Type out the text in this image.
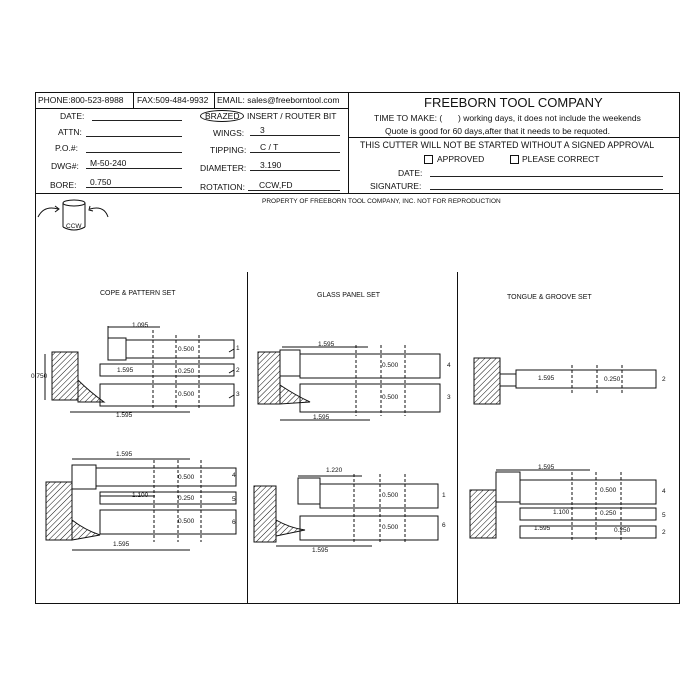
PHONE:800-523-8988 FAX:509-484-9932 EMAIL: sales@freeborntool.com	FREEBORN TOOL COMPANY
DATE:
ATTN:
P.O.#:
DWG#: M-50-240
BORE: 0.750
BRAZED INSERT / ROUTER BIT
WINGS: 3
TIPPING: C / T
DIAMETER: 3.190
ROTATION: CCW,FD
TIME TO MAKE: ( ) working days, it does not include the weekends
Quote is good for 60 days,after that it needs to be requoted.
THIS CUTTER WILL NOT BE STARTED WITHOUT A SIGNED APPROVAL
APPROVED	PLEASE CORRECT
DATE:
SIGNATURE:
PROPERTY OF FREEBORN TOOL COMPANY, INC. NOT FOR REPRODUCTION
CCW
COPE & PATTERN SET	GLASS PANEL SET	TONGUE & GROOVE SET
0.750
1.095
0.500
1.595	0.250
0.500
1.595
1
2
3
1.595
0.500
1.100	0.250
0.500
1.595
4
5
6
1.595
0.500
0.500
1.595
4
3
1.220
0.500
0.500
1.595
1
6
1.595	0.250	2
1.595
0.500
1.100	0.250
1.595	0.250
4
5
2
